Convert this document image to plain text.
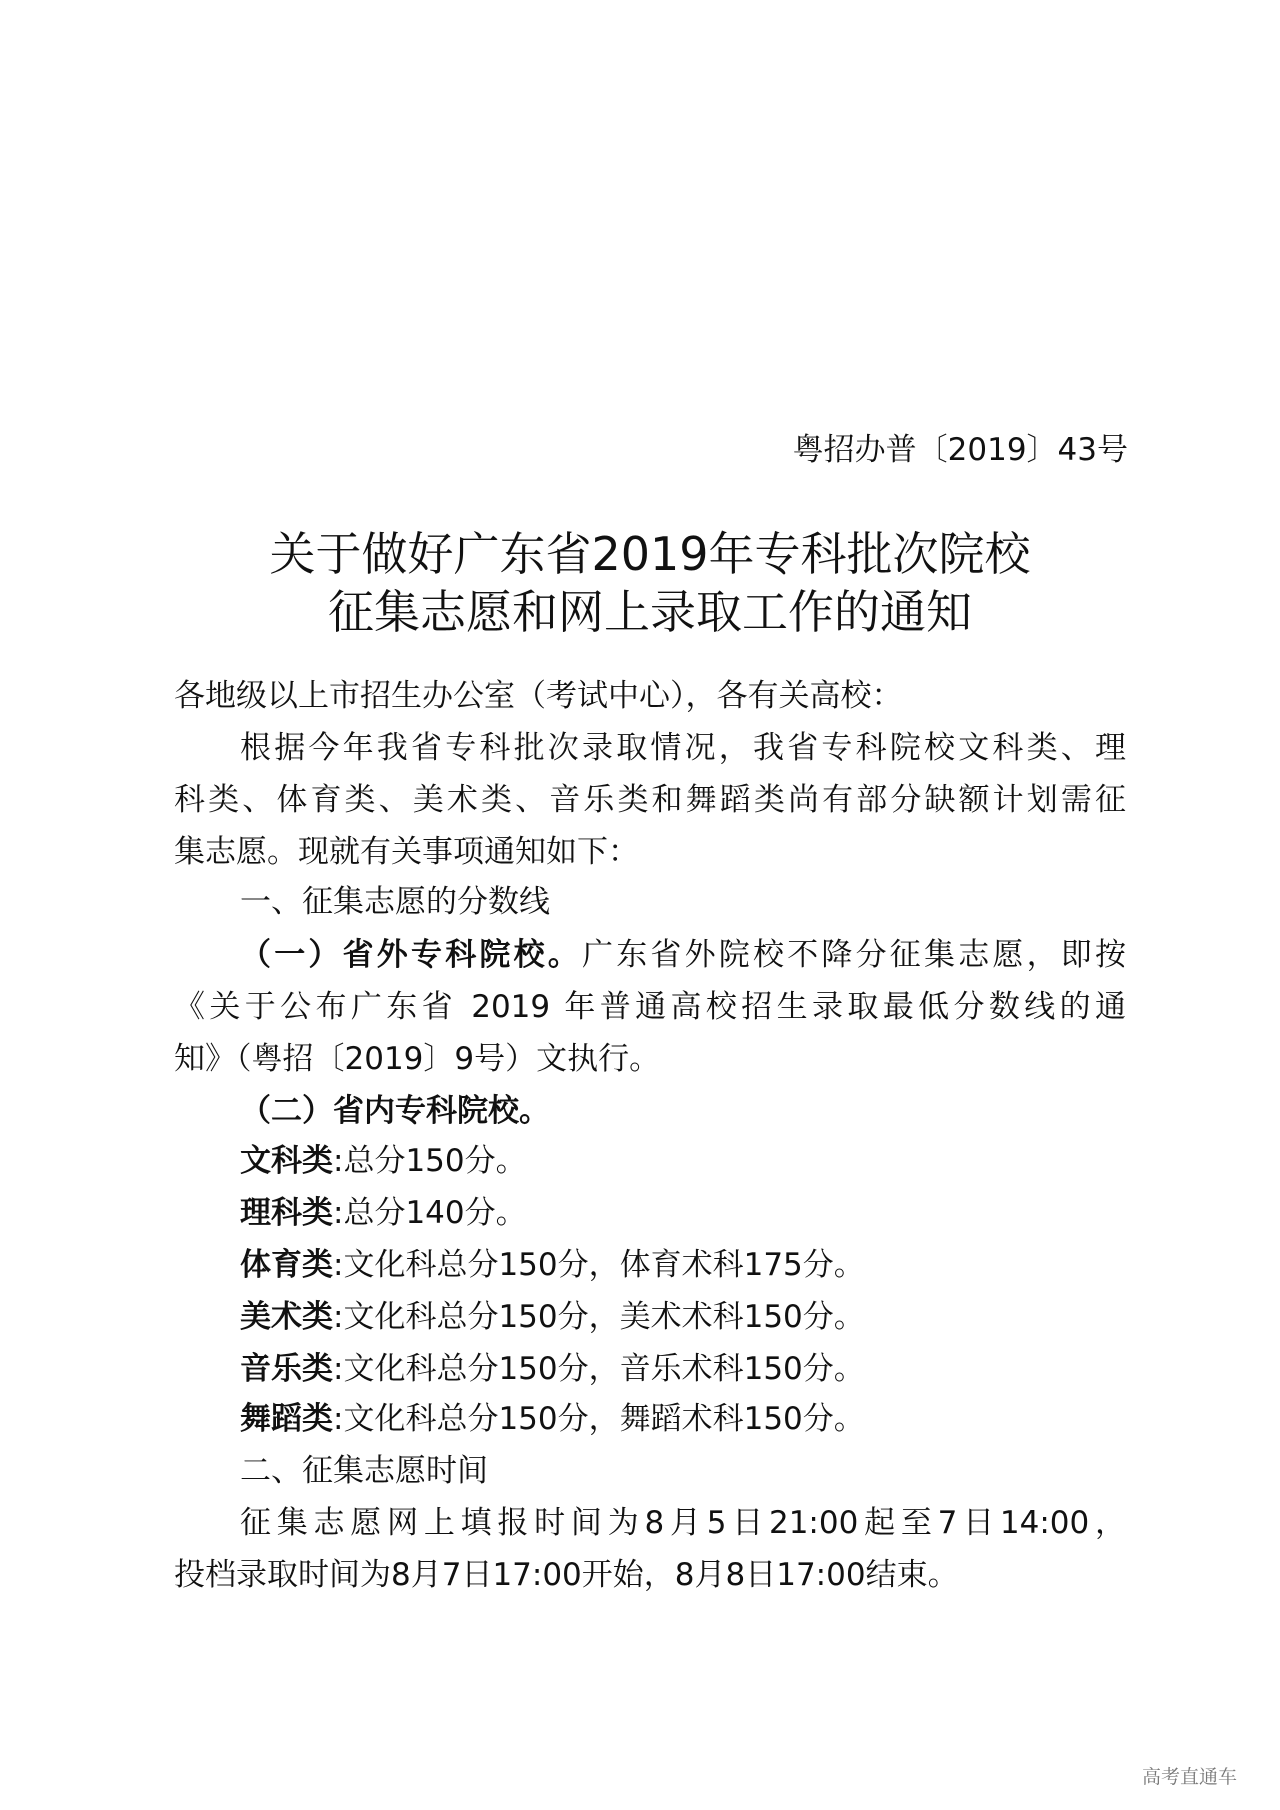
粤招办普〔2019〕43号
关于做好广东省2019年专科批次院校
征集志愿和网上录取工作的通知
各地级以上市招生办公室（考试中心），各有关高校：
根据今年我省专科批次录取情况，我省专科院校文科类、理
科类、体育类、美术类、音乐类和舞蹈类尚有部分缺额计划需征
集志愿。现就有关事项通知如下：
一、征集志愿的分数线
（一）省外专科院校。广东省外院校不降分征集志愿，即按
《关于公布广东省 2019 年普通高校招生录取最低分数线的通
知》（粤招〔2019〕9号）文执行。
（二）省内专科院校。
文科类:总分150分。
理科类:总分140分。
体育类:文化科总分150分，体育术科175分。
美术类:文化科总分150分，美术术科150分。
音乐类:文化科总分150分，音乐术科150分。
舞蹈类:文化科总分150分，舞蹈术科150分。
二、征集志愿时间
征集志愿网上填报时间为8月5日21:00起至7日14:00，
投档录取时间为8月7日17:00开始，8月8日17:00结束。
高考直通车
